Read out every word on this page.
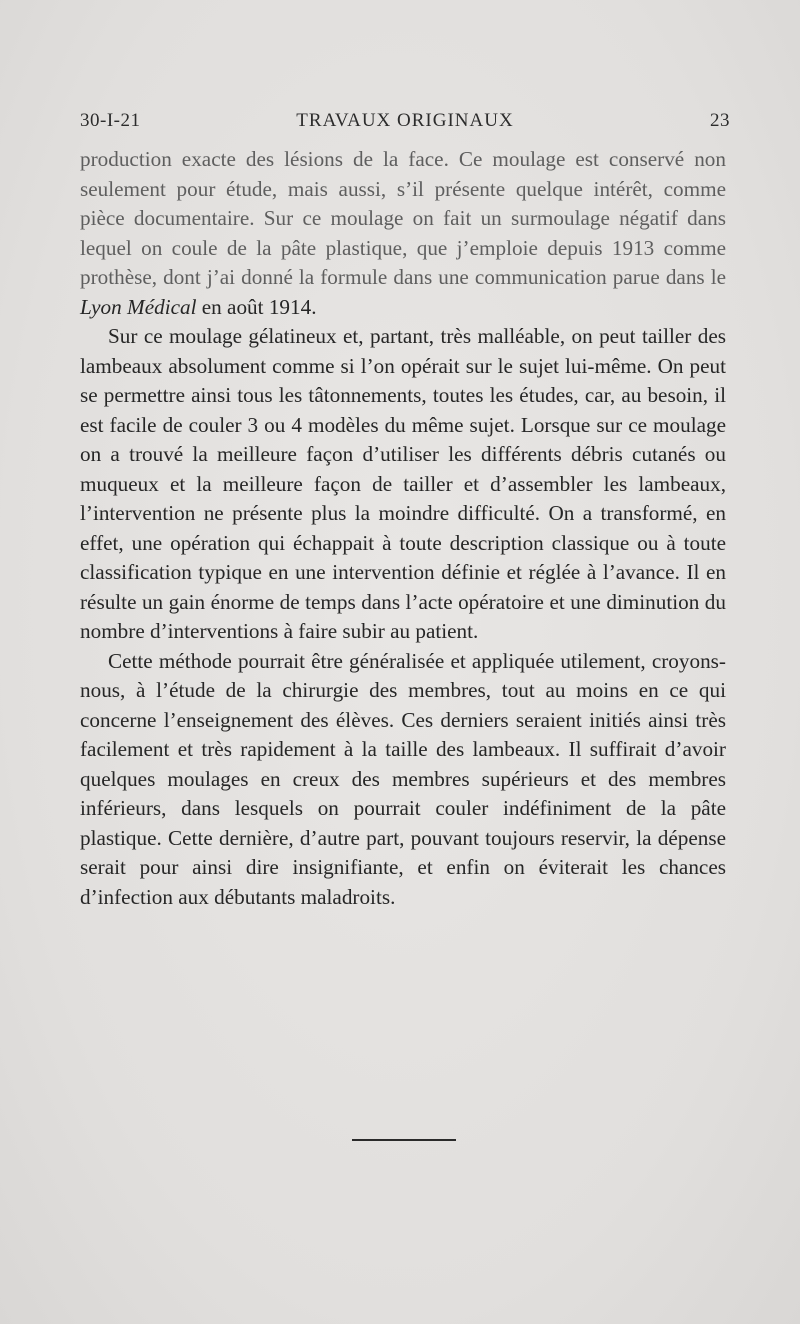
30-I-21	TRAVAUX ORIGINAUX	23

production exacte des lésions de la face. Ce moulage est conservé non seulement pour étude, mais aussi, s’il présente quelque intérêt, comme pièce documentaire. Sur ce moulage on fait un surmoulage négatif dans lequel on coule de la pâte plastique, que j’emploie depuis 1913 comme prothèse, dont j’ai donné la formule dans une communication parue dans le Lyon Médical en août 1914.

Sur ce moulage gélatineux et, partant, très malléable, on peut tailler des lambeaux absolument comme si l’on opérait sur le sujet lui-même. On peut se permettre ainsi tous les tâtonnements, toutes les études, car, au besoin, il est facile de couler 3 ou 4 modèles du même sujet. Lorsque sur ce moulage on a trouvé la meilleure façon d’utiliser les différents débris cutanés ou muqueux et la meilleure façon de tailler et d’assembler les lambeaux, l’intervention ne présente plus la moindre difficulté. On a transformé, en effet, une opération qui échappait à toute description classique ou à toute classification typique en une intervention définie et réglée à l’avance. Il en résulte un gain énorme de temps dans l’acte opératoire et une diminution du nombre d’interventions à faire subir au patient.

Cette méthode pourrait être généralisée et appliquée utilement, croyons-nous, à l’étude de la chirurgie des membres, tout au moins en ce qui concerne l’enseignement des élèves. Ces derniers seraient initiés ainsi très facilement et très rapidement à la taille des lambeaux. Il suffirait d’avoir quelques moulages en creux des membres supérieurs et des membres inférieurs, dans lesquels on pourrait couler indéfiniment de la pâte plastique. Cette dernière, d’autre part, pouvant toujours reservir, la dépense serait pour ainsi dire insignifiante, et enfin on éviterait les chances d’infection aux débutants maladroits.
